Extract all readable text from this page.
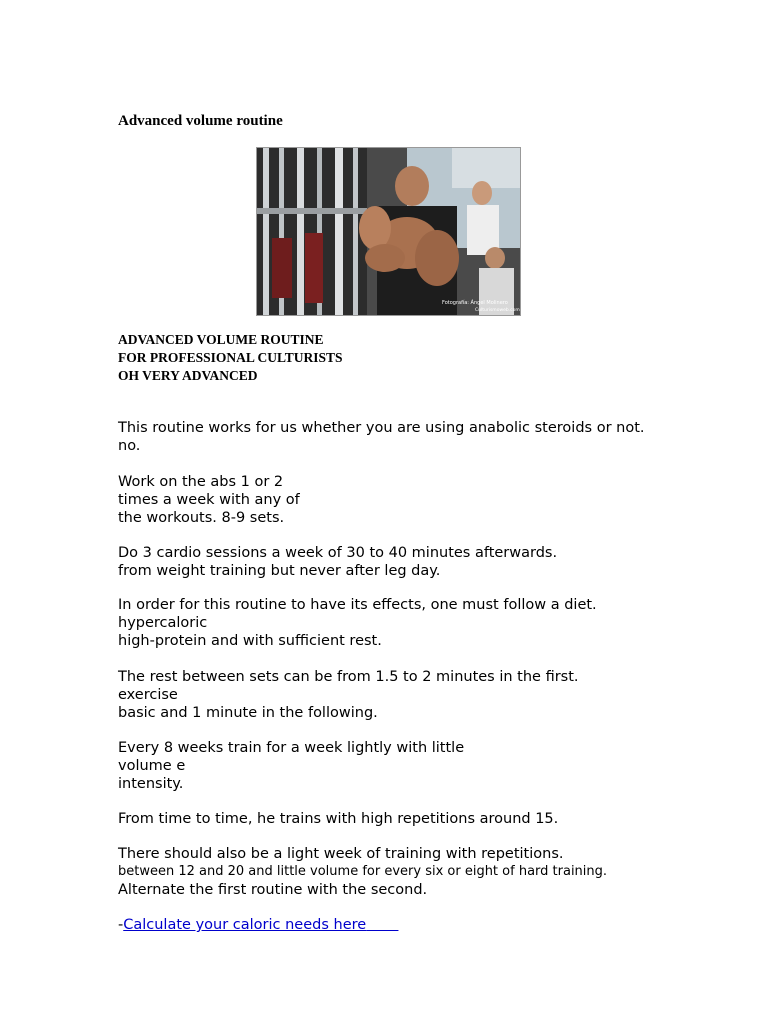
Advanced volume routine
Fotografía: Ángel Molinero
Culturismoweb.com
ADVANCED VOLUME ROUTINE
FOR PROFESSIONAL CULTURISTS
OH VERY ADVANCED
This routine works for us whether you are using anabolic steroids or not.
no.
Work on the abs 1 or 2
times a week with any of
the workouts. 8-9 sets.
Do 3 cardio sessions a week of 30 to 40 minutes afterwards.
from weight training but never after leg day.
In order for this routine to have its effects, one must follow a diet.
hypercaloric
high-protein and with sufficient rest.
The rest between sets can be from 1.5 to 2 minutes in the first.
exercise
basic and 1 minute in the following.
Every 8 weeks train for a week lightly with little
volume e
intensity.
From time to time, he trains with high repetitions around 15.
There should also be a light week of training with repetitions.
between 12 and 20 and little volume for every six or eight of hard training.
Alternate the first routine with the second.
-Calculate your caloric needs here
